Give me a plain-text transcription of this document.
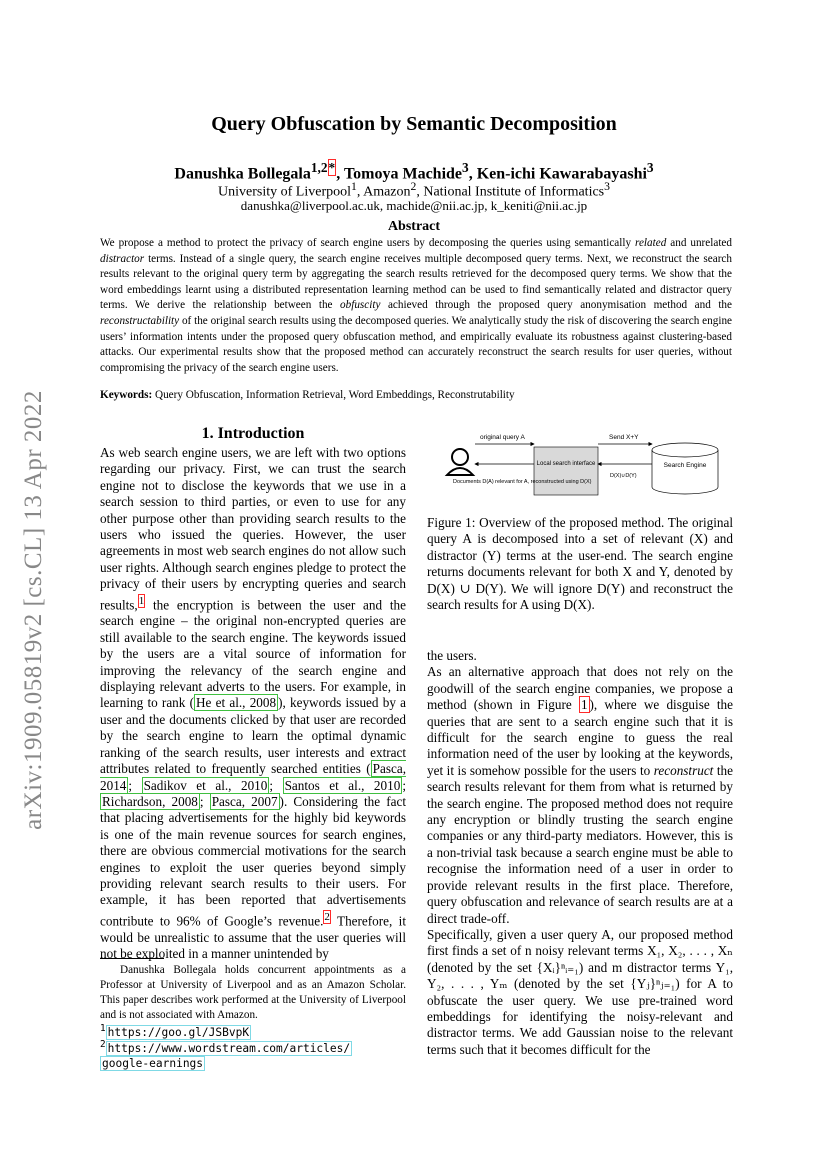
arXiv:1909.05819v2 [cs.CL] 13 Apr 2022
Query Obfuscation by Semantic Decomposition
Danushka Bollegala$^{1,2*}$, Tomoya Machide$^3$, Ken-ichi Kawarabayashi$^3$
University of Liverpool$^1$, Amazon$^2$, National Institute of Informatics$^3$
danushka@liverpool.ac.uk, machide@nii.ac.jp, k_keniti@nii.ac.jp
Abstract
We propose a method to protect the privacy of search engine users by decomposing the queries using semantically related and unrelated distractor terms. Instead of a single query, the search engine receives multiple decomposed query terms. Next, we reconstruct the search results relevant to the original query term by aggregating the search results retrieved for the decomposed query terms. We show that the word embeddings learnt using a distributed representation learning method can be used to find semantically related and distractor query terms. We derive the relationship between the obfuscity achieved through the proposed query anonymisation method and the reconstructability of the original search results using the decomposed queries. We analytically study the risk of discovering the search engine users’ information intents under the proposed query obfuscation method, and empirically evaluate its robustness against clustering-based attacks. Our experimental results show that the proposed method can accurately reconstruct the search results for user queries, without compromising the privacy of the search engine users.
Keywords: Query Obfuscation, Information Retrieval, Word Embeddings, Reconstrutability
1. Introduction
As web search engine users, we are left with two options regarding our privacy. First, we can trust the search engine not to disclose the keywords that we use in a search session to third parties, or even to use for any other purpose other than providing search results to the users who issued the queries. However, the user agreements in most web search engines do not allow such user rights. Although search engines pledge to protect the privacy of their users by encrypting queries and search results,$^1$ the encryption is between the user and the search engine – the original non-encrypted queries are still available to the search engine. The keywords issued by the users are a vital source of information for improving the relevancy of the search engine and displaying relevant adverts to the users. For example, in learning to rank ( He et al., 2008 ), keywords issued by a user and the documents clicked by that user are recorded by the search engine to learn the optimal dynamic ranking of the search results, user interests and extract attributes related to frequently searched entities ( Pasca, 2014 ; Sadikov et al., 2010 ; Santos et al., 2010 ; Richardson, 2008 ; Pasca, 2007 ). Considering the fact that placing advertisements for the highly bid keywords is one of the main revenue sources for search engines, there are obvious commercial motivations for the search engines to exploit the user queries beyond simply providing relevant search results to their users. For example, it has been reported that advertisements contribute to 96% of Google’s revenue.$^2$ Therefore, it would be unrealistic to assume that the user queries will not be exploited in a manner unintended by
Danushka Bollegala holds concurrent appointments as a Professor at University of Liverpool and as an Amazon Scholar. This paper describes work performed at the University of Liverpool and is not associated with Amazon.
$^1$ https://goo.gl/JSBvpK
$^2$ https://www.wordstream.com/articles/
google-earnings
Local search interface	Search Engine
original query A	Send X+Y
D(X)∪D(Y)
Documents D(A) relevant for A, reconstructed using D(X)
Figure 1: Overview of the proposed method. The original query A is decomposed into a set of relevant (X) and distractor (Y) terms at the user-end. The search engine returns documents relevant for both X and Y, denoted by D(X) ∪ D(Y). We will ignore D(Y) and reconstruct the search results for A using D(X).
the users.
As an alternative approach that does not rely on the goodwill of the search engine companies, we propose a method (shown in Figure 1 ), where we disguise the queries that are sent to a search engine such that it is difficult for the search engine to guess the real information need of the user by looking at the keywords, yet it is somehow possible for the users to reconstruct the search results relevant for them from what is returned by the search engine. The proposed method does not require any encryption or blindly trusting the search engine companies or any third-party mediators. However, this is a non-trivial task because a search engine must be able to recognise the information need of a user in order to provide relevant results in the first place. Therefore, query obfuscation and relevance of search results are at a direct trade-off.
Specifically, given a user query A, our proposed method first finds a set of n noisy relevant terms X₁, X₂, . . . , Xₙ (denoted by the set {Xᵢ}ⁿᵢ₌₁) and m distractor terms Y₁, Y₂, . . . , Yₘ (denoted by the set {Yⱼ}ⁿⱼ₌₁) for A to obfuscate the user query. We use pre-trained word embeddings for identifying the noisy-relevant and distractor terms. We add Gaussian noise to the relevant terms such that it becomes difficult for the
